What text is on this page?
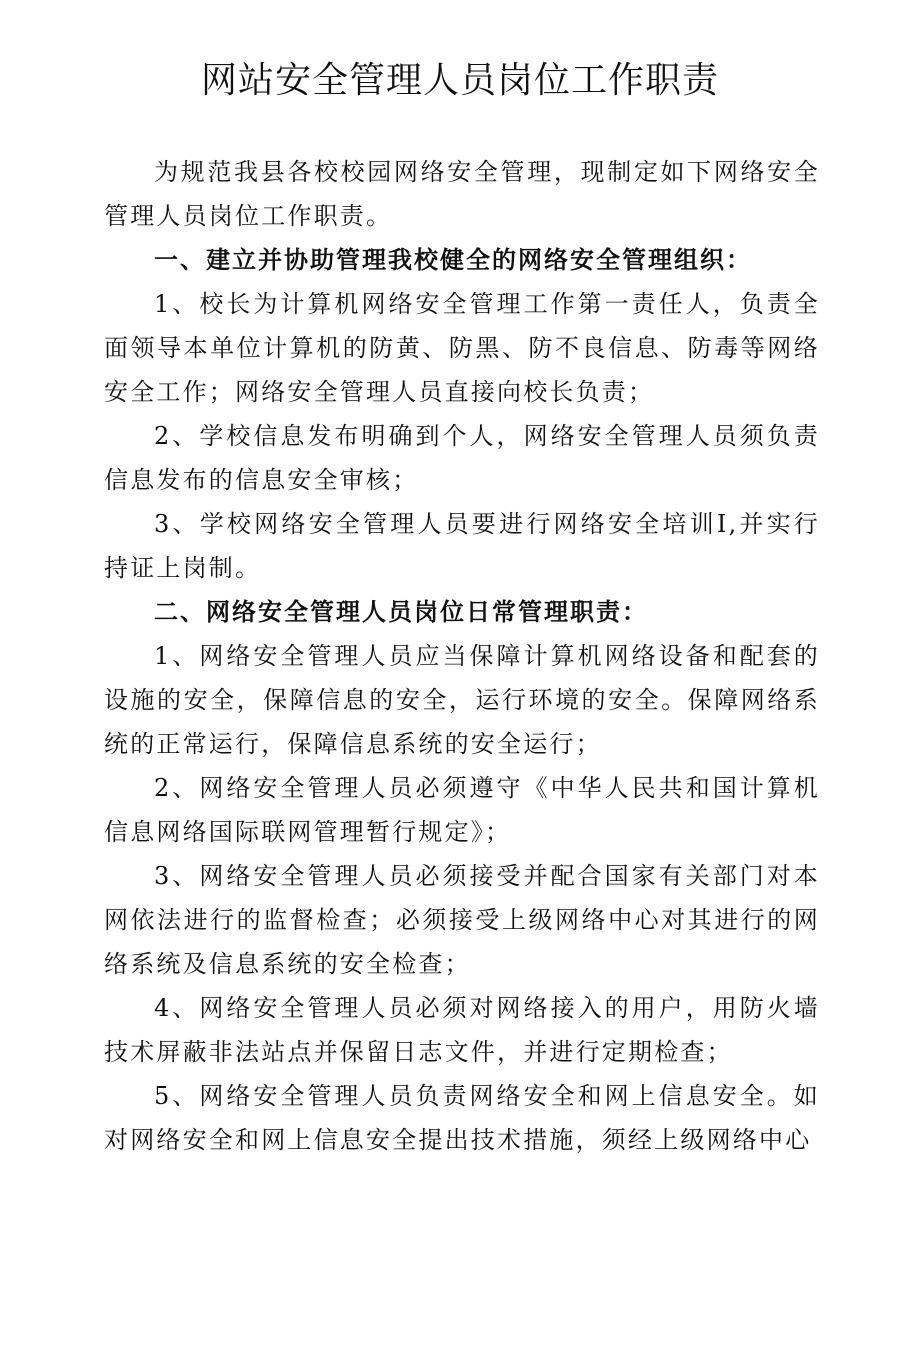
网站安全管理人员岗位工作职责

为规范我县各校校园网络安全管理，现制定如下网络安全管理人员岗位工作职责。

一、建立并协助管理我校健全的网络安全管理组织：

1、校长为计算机网络安全管理工作第一责任人，负责全面领导本单位计算机的防黄、防黑、防不良信息、防毒等网络安全工作；网络安全管理人员直接向校长负责；

2、学校信息发布明确到个人，网络安全管理人员须负责信息发布的信息安全审核；

3、学校网络安全管理人员要进行网络安全培训I,并实行持证上岗制。

二、网络安全管理人员岗位日常管理职责：

1、网络安全管理人员应当保障计算机网络设备和配套的设施的安全，保障信息的安全，运行环境的安全。保障网络系统的正常运行，保障信息系统的安全运行；

2、网络安全管理人员必须遵守《中华人民共和国计算机信息网络国际联网管理暂行规定》；

3、网络安全管理人员必须接受并配合国家有关部门对本网依法进行的监督检查；必须接受上级网络中心对其进行的网络系统及信息系统的安全检查；

4、网络安全管理人员必须对网络接入的用户，用防火墙技术屏蔽非法站点并保留日志文件，并进行定期检查；

5、网络安全管理人员负责网络安全和网上信息安全。如对网络安全和网上信息安全提出技术措施，须经上级网络中心
